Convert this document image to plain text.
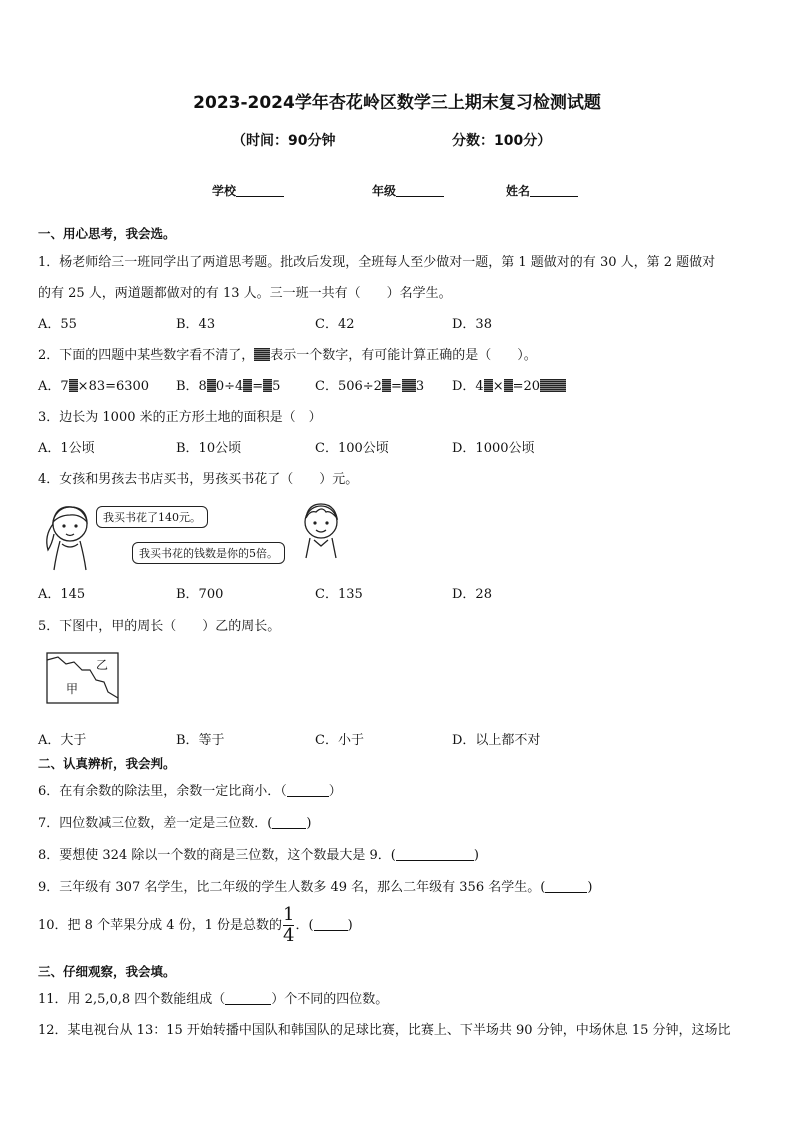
2023-2024学年杏花岭区数学三上期末复习检测试题
（时间：90分钟	分数：100分）
学校	年级	姓名
一、用心思考，我会选。
1．杨老师给三一班同学出了两道思考题。批改后发现，全班每人至少做对一题，第 1 题做对的有 30 人，第 2 题做对
的有 25 人，两道题都做对的有 13 人。三一班一共有（　　）名学生。
A．55	B．43	C．42	D．38
2．下面的四题中某些数字看不清了， 表示一个数字，有可能计算正确的是（　　）。
A．7 ×83=6300 B．8 0÷4 = 5	C．506÷2 = 3 D．4 × =20
3．边长为 1000 米的正方形土地的面积是（　）
A．1公顷	B．10公顷	C．100公顷	D．1000公顷
4．女孩和男孩去书店买书，男孩买书花了（　　）元。
我买书花了140元。
我买书花的钱数是你的5倍。
A．145	B．700	C．135	D．28
5．下图中，甲的周长（　　）乙的周长。
乙
甲
A．大于	B．等于	C．小于	D．以上都不对
二、认真辨析，我会判。
6．在有余数的除法里，余数一定比商小．（	）
7．四位数减三位数，差一定是三位数．(	)
8．要想使 324 除以一个数的商是三位数，这个数最大是 9．(	)
9．三年级有 307 名学生，比二年级的学生人数多 49 名，那么二年级有 356 名学生。(	)
10．把 8 个苹果分成 4 份，1 份是总数的 $\frac{1}{4}$ ．(	)
三、仔细观察，我会填。
11．用 2,5,0,8 四个数能组成（	）个不同的四位数。
12．某电视台从 13：15 开始转播中国队和韩国队的足球比赛，比赛上、下半场共 90 分钟，中场休息 15 分钟，这场比
